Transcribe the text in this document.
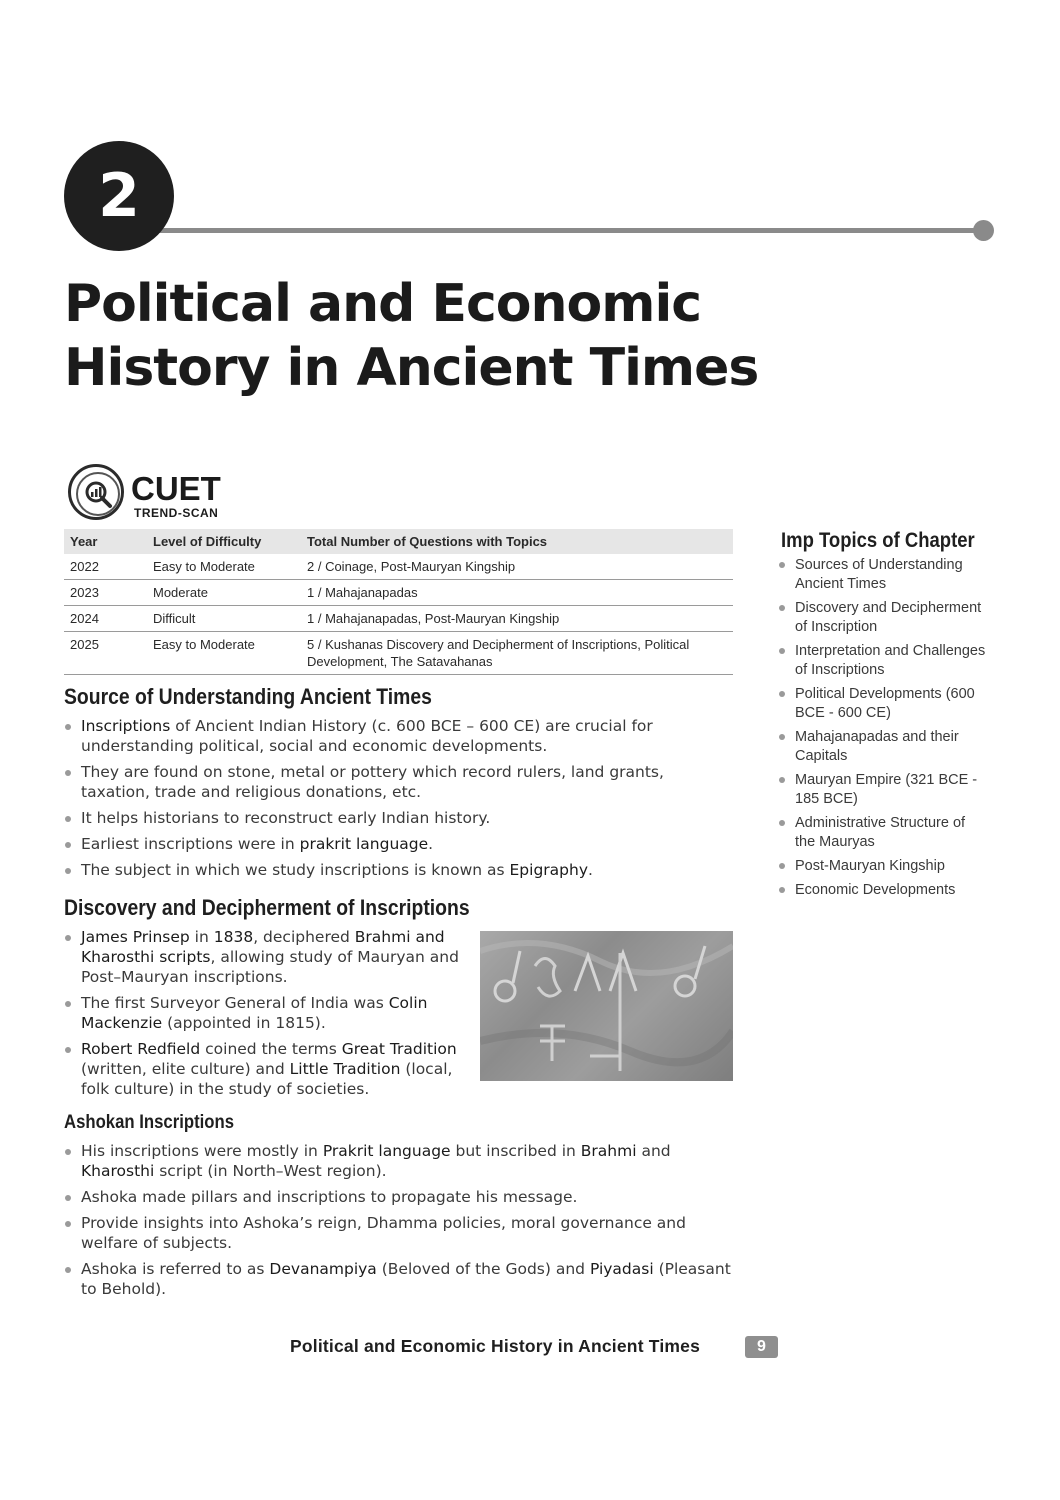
2
Political and Economic History in Ancient Times
CUET
TREND-SCAN
Year	Level of Difficulty	Total Number of Questions with Topics
2022	Easy to Moderate	2 / Coinage, Post-Mauryan Kingship
2023	Moderate	1 / Mahajanapadas
2024	Difficult	1 / Mahajanapadas, Post-Mauryan Kingship
2025	Easy to Moderate	5 / Kushanas Discovery and Decipherment of Inscriptions, Political Development, The Satavahanas
Source of Understanding Ancient Times
Inscriptions of Ancient Indian History (c. 600 BCE – 600 CE) are crucial for understanding political, social and economic developments.
They are found on stone, metal or pottery which record rulers, land grants, taxation, trade and religious donations, etc.
It helps historians to reconstruct early Indian history.
Earliest inscriptions were in prakrit language.
The subject in which we study inscriptions is known as Epigraphy.
Discovery and Decipherment of Inscriptions
James Prinsep in 1838, deciphered Brahmi and Kharosthi scripts, allowing study of Mauryan and Post–Mauryan inscriptions.
The first Surveyor General of India was Colin Mackenzie (appointed in 1815).
Robert Redfield coined the terms Great Tradition (written, elite culture) and Little Tradition (local, folk culture) in the study of societies.
Ashokan Inscriptions
His inscriptions were mostly in Prakrit language but inscribed in Brahmi and Kharosthi script (in North–West region).
Ashoka made pillars and inscriptions to propagate his message.
Provide insights into Ashoka’s reign, Dhamma policies, moral governance and welfare of subjects.
Ashoka is referred to as Devanampiya (Beloved of the Gods) and Piyadasi (Pleasant to Behold).
Imp Topics of Chapter
Sources of Understanding Ancient Times
Discovery and Decipherment of Inscription
Interpretation and Challenges of Inscriptions
Political Developments (600 BCE - 600 CE)
Mahajanapadas and their Capitals
Mauryan Empire (321 BCE - 185 BCE)
Administrative Structure of the Mauryas
Post-Mauryan Kingship
Economic Developments
Political and Economic History in Ancient Times	9
